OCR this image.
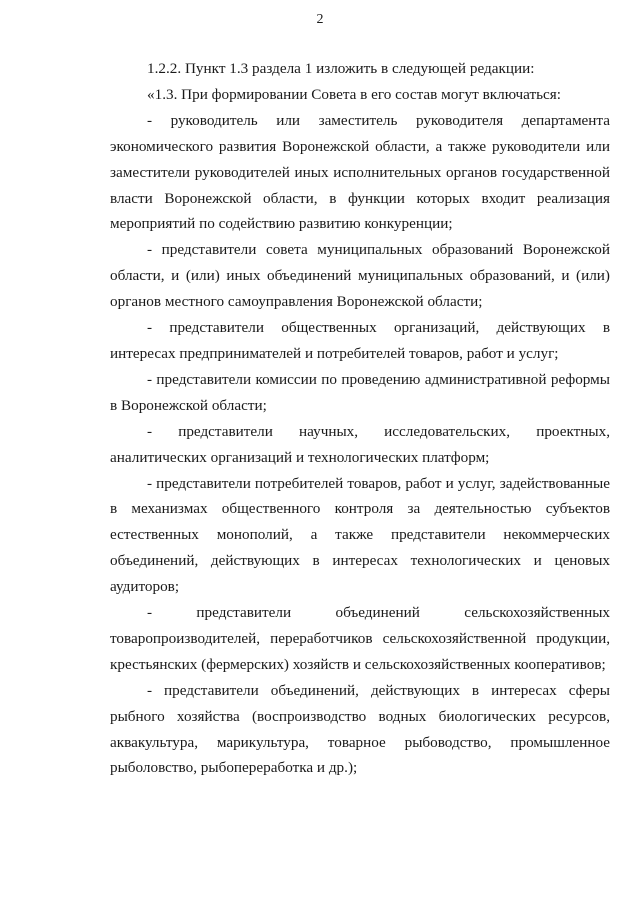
2

1.2.2. Пункт 1.3 раздела 1 изложить в следующей редакции:

«1.3. При формировании Совета в его состав могут включаться:

- руководитель или заместитель руководителя департамента экономического развития Воронежской области, а также руководители или заместители руководителей иных исполнительных органов государственной власти Воронежской области, в функции которых входит реализация мероприятий по содействию развитию конкуренции;

- представители совета муниципальных образований Воронежской области, и (или) иных объединений муниципальных образований, и (или) органов местного самоуправления Воронежской области;

- представители общественных организаций, действующих в интересах предпринимателей и потребителей товаров, работ и услуг;

- представители комиссии по проведению административной реформы в Воронежской области;

- представители научных, исследовательских, проектных, аналитических организаций и технологических платформ;

- представители потребителей товаров, работ и услуг, задействованные в механизмах общественного контроля за деятельностью субъектов естественных монополий, а также представители некоммерческих объединений, действующих в интересах технологических и ценовых аудиторов;

- представители объединений сельскохозяйственных товаропроизводителей, переработчиков сельскохозяйственной продукции, крестьянских (фермерских) хозяйств и сельскохозяйственных кооперативов;

- представители объединений, действующих в интересах сферы рыбного хозяйства (воспроизводство водных биологических ресурсов, аквакультура, марикультура, товарное рыбоводство, промышленное рыболовство, рыбопереработка и др.);
